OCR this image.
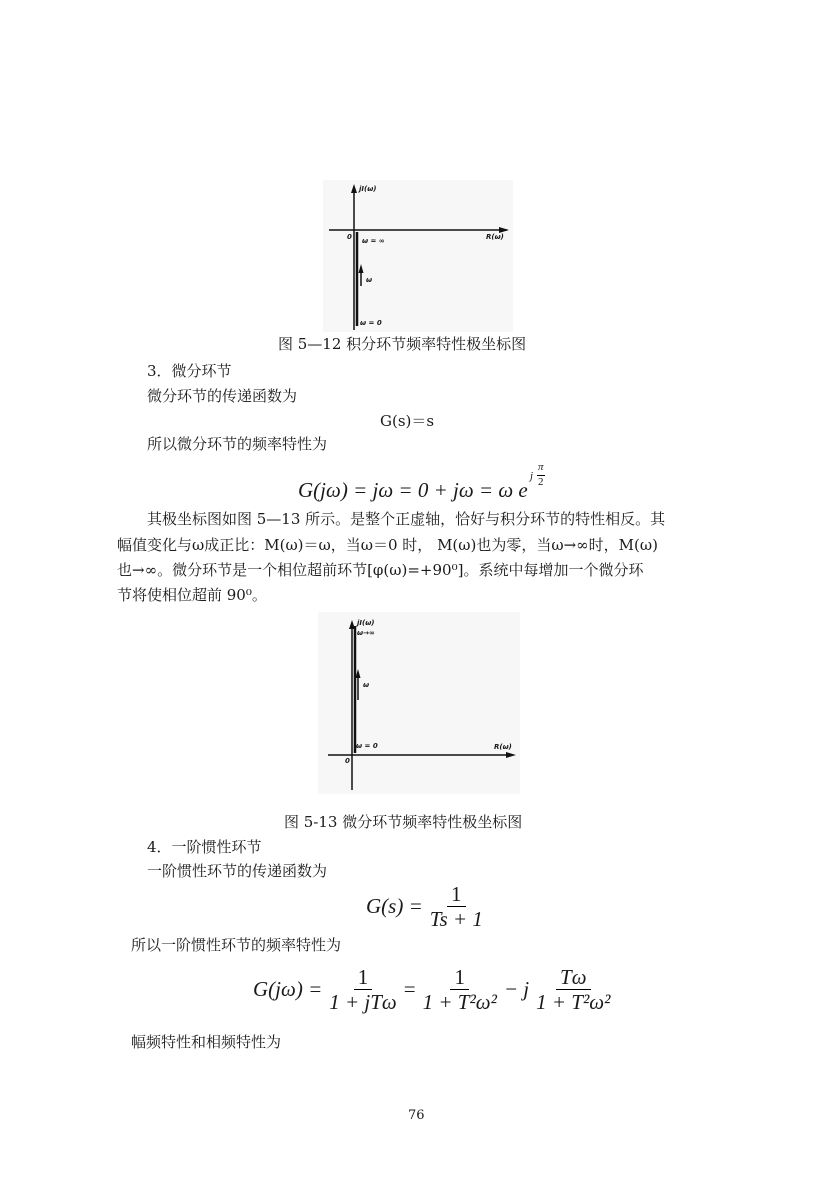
jI(ω)
R(ω)
0 ω = ∞
ω
ω = 0
图 5—12 积分环节频率特性极坐标图
3．微分环节
微分环节的传递函数为
G(s)＝s
所以微分环节的频率特性为
G(jω) = jω = 0 + jω = ω e
j
π
2
其极坐标图如图 5—13 所示。是整个正虚轴，恰好与积分环节的特性相反。其
幅值变化与ω成正比：M(ω)＝ω，当ω＝0 时， M(ω)也为零，当ω→∞时，M(ω)
也→∞。微分环节是一个相位超前环节[φ(ω)=+90⁰]。系统中每增加一个微分环
节将使相位超前 90⁰。
jI(ω)
ω→∞
ω
ω = 0	R(ω)
0
图 5-13 微分环节频率特性极坐标图
4．一阶惯性环节
一阶惯性环节的传递函数为
$G(s) = \frac{1}{Ts + 1}$
所以一阶惯性环节的频率特性为
$G(j\omega) = \frac{1}{\text{1 + jTω}} = \frac{1}{\text{1 + T²ω²}} - j \frac{T\omega}{\text{1 + T²ω²}}$
幅频特性和相频特性为
76
